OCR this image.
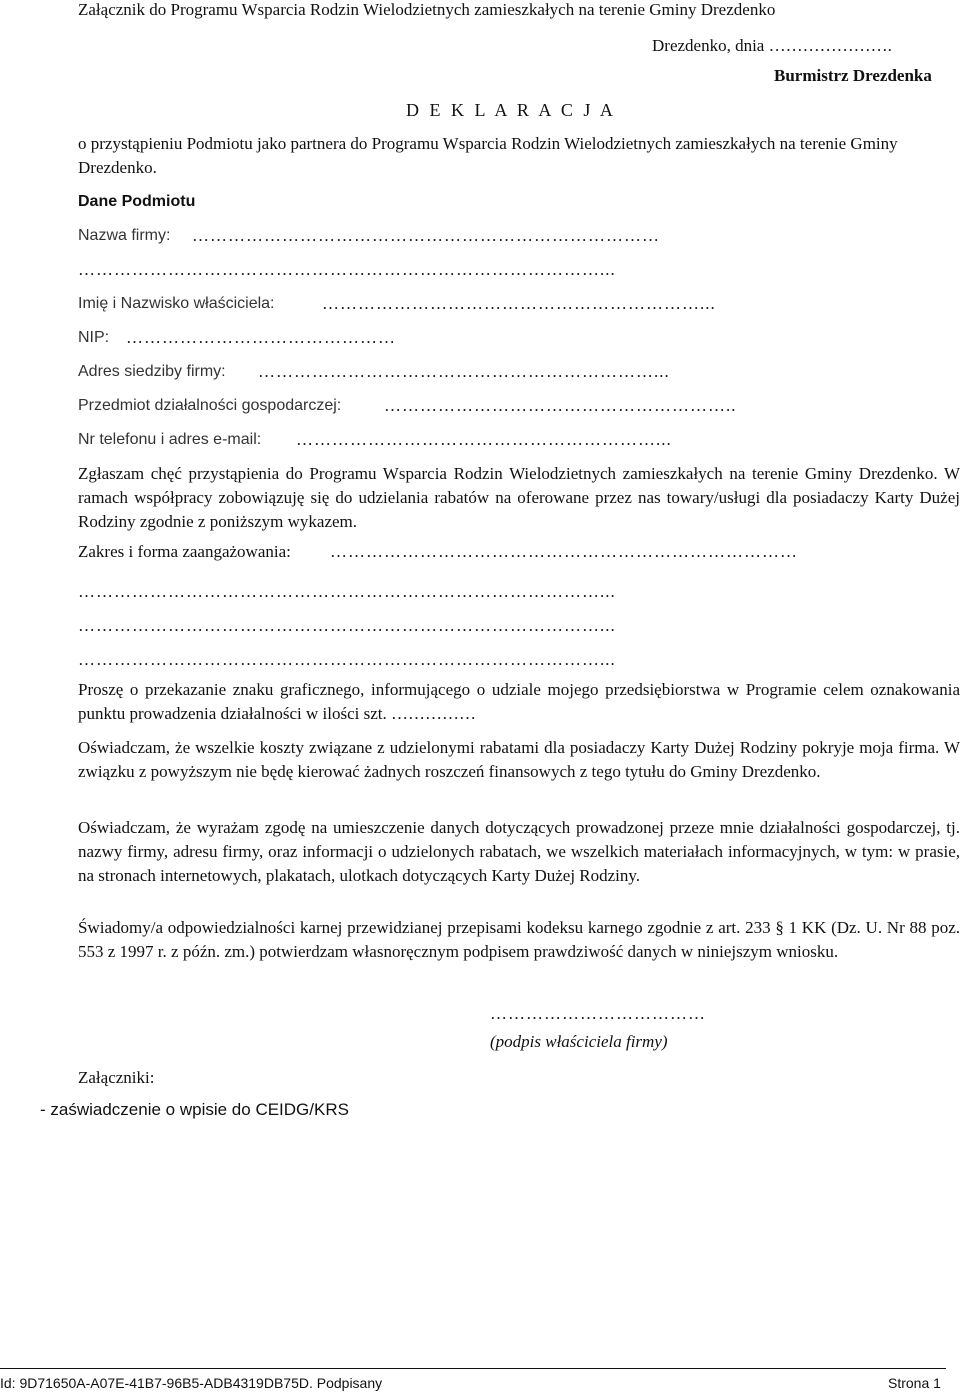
Załącznik do Programu Wsparcia Rodzin Wielodzietnych zamieszkałych na terenie Gminy Drezdenko
Drezdenko, dnia ………………….
Burmistrz Drezdenka
D E K L A R A C J A
o przystąpieniu Podmiotu jako partnera do Programu Wsparcia Rodzin Wielodzietnych zamieszkałych na terenie Gminy Drezdenko.
Dane Podmiotu
Nazwa firmy: ……………………………………………………………………
……………………………………………………………………………...
Imię i Nazwisko właściciela:	………………………………………………………...
NIP: ………………………………………
Adres siedziby firmy: …………………………………………………………...
Przedmiot działalności gospodarczej:	…………………………………………………..
Nr telefonu i adres e-mail: ……………………………………………………...
Zgłaszam chęć przystąpienia do Programu Wsparcia Rodzin Wielodzietnych zamieszkałych na terenie Gminy Drezdenko. W ramach współpracy zobowiązuję się do udzielania rabatów na oferowane przez nas towary/usługi dla posiadaczy Karty Dużej Rodziny zgodnie z poniższym wykazem.
Zakres i forma zaangażowania: ……………………………………………………………………
……………………………………………………………………………...
……………………………………………………………………………...
……………………………………………………………………………...
Proszę o przekazanie znaku graficznego, informującego o udziale mojego przedsiębiorstwa w Programie celem oznakowania punktu prowadzenia działalności w ilości szt. ……………
Oświadczam, że wszelkie koszty związane z udzielonymi rabatami dla posiadaczy Karty Dużej Rodziny pokryje moja firma. W związku z powyższym nie będę kierować żadnych roszczeń finansowych z tego tytułu do Gminy Drezdenko.
Oświadczam, że wyrażam zgodę na umieszczenie danych dotyczących prowadzonej przeze mnie działalności gospodarczej, tj. nazwy firmy, adresu firmy, oraz informacji o udzielonych rabatach, we wszelkich materiałach informacyjnych, w tym: w prasie, na stronach internetowych, plakatach, ulotkach dotyczących Karty Dużej Rodziny.
Świadomy/a odpowiedzialności karnej przewidzianej przepisami kodeksu karnego zgodnie z art. 233 § 1 KK (Dz. U. Nr 88 poz. 553 z 1997 r. z późn. zm.) potwierdzam własnoręcznym podpisem prawdziwość danych w niniejszym wniosku.
………………………………
(podpis właściciela firmy)
Załączniki:
- zaświadczenie o wpisie do CEIDG/KRS
Id: 9D71650A-A07E-41B7-96B5-ADB4319DB75D. Podpisany	Strona 1
